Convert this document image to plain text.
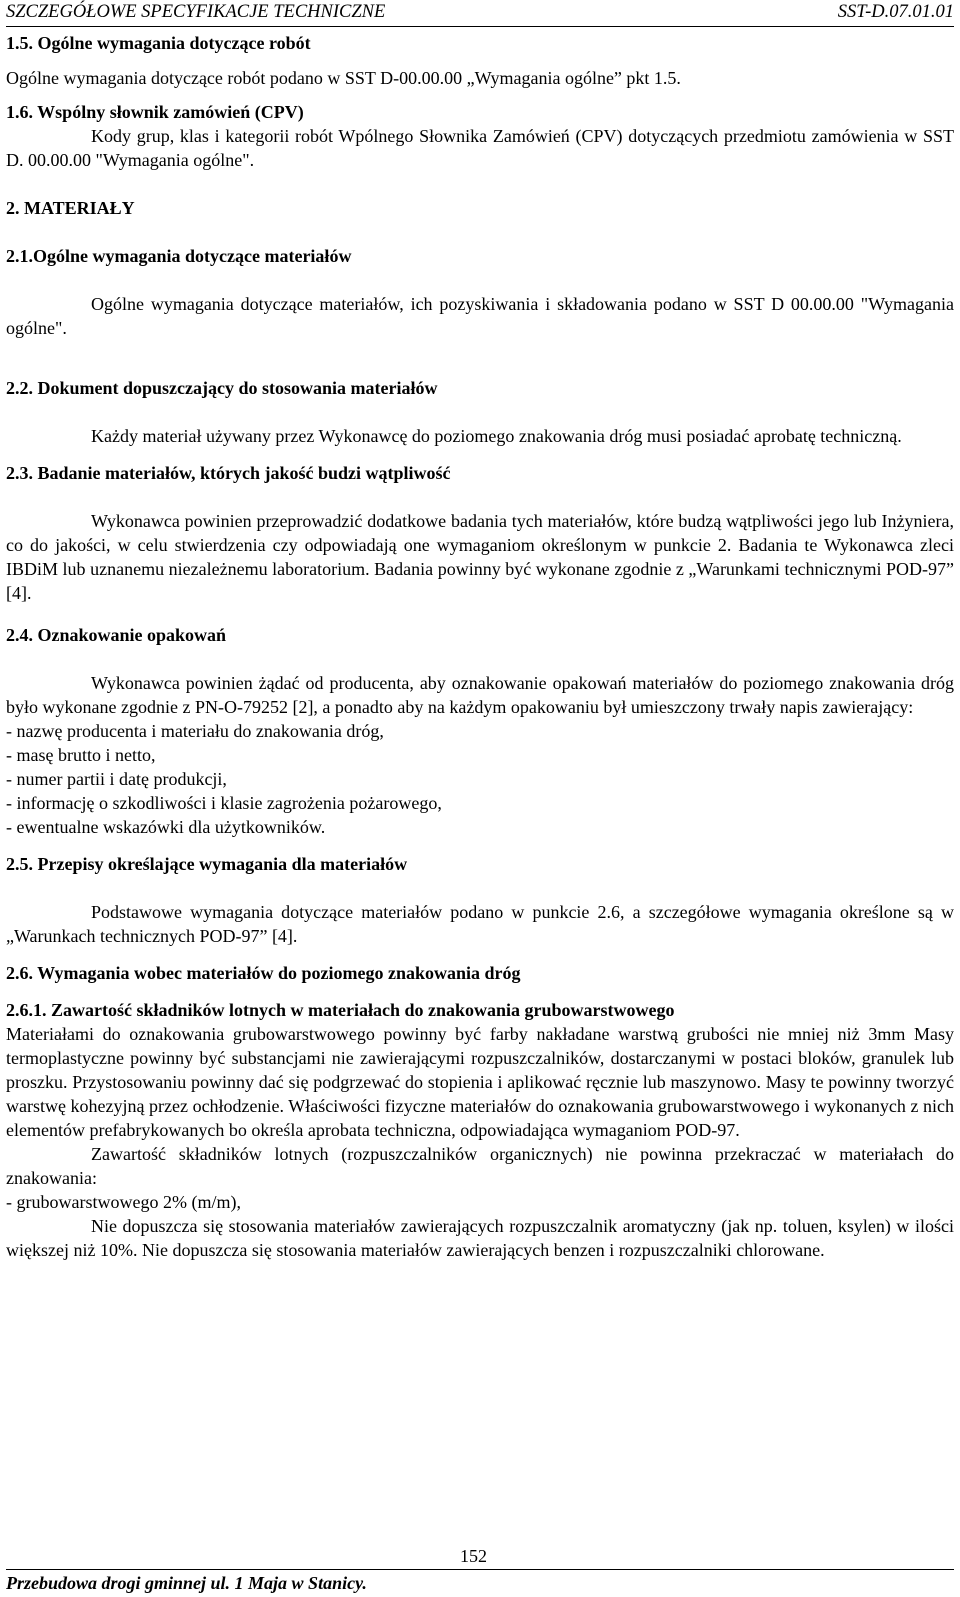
SZCZEGÓŁOWE SPECYFIKACJE TECHNICZNE	SST-D.07.01.01
1.5. Ogólne wymagania dotyczące robót

Ogólne wymagania dotyczące robót podano w SST D-00.00.00 „Wymagania ogólne” pkt 1.5.

1.6. Wspólny słownik zamówień (CPV)

Kody grup, klas i kategorii robót Wpólnego Słownika Zamówień (CPV) dotyczących przedmiotu zamówienia w SST D. 00.00.00 "Wymagania ogólne".

2. MATERIAŁY
2.1.Ogólne wymagania dotyczące materiałów

Ogólne wymagania dotyczące materiałów, ich pozyskiwania i składowania podano w SST D 00.00.00 "Wymagania ogólne".

2.2. Dokument dopuszczający do stosowania materiałów

Każdy materiał używany przez Wykonawcę do poziomego znakowania dróg musi posiadać aprobatę techniczną.

2.3. Badanie materiałów, których jakość budzi wątpliwość

Wykonawca powinien przeprowadzić dodatkowe badania tych materiałów, które budzą wątpliwości jego lub Inżyniera, co do jakości, w celu stwierdzenia czy odpowiadają one wymaganiom określonym w punkcie 2. Badania te Wykonawca zleci IBDiM lub uznanemu niezależnemu laboratorium. Badania powinny być wykonane zgodnie z „Warunkami technicznymi POD-97” [4].

2.4. Oznakowanie opakowań

Wykonawca powinien żądać od producenta, aby oznakowanie opakowań materiałów do poziomego znakowania dróg było wykonane zgodnie z PN-O-79252 [2], a ponadto aby na każdym opakowaniu był umieszczony trwały napis zawierający:

- nazwę producenta i materiału do znakowania dróg,
- masę brutto i netto,
- numer partii i datę produkcji,
- informację o szkodliwości i klasie zagrożenia pożarowego,
- ewentualne wskazówki dla użytkowników.
2.5. Przepisy określające wymagania dla materiałów

Podstawowe wymagania dotyczące materiałów podano w punkcie 2.6, a szczegółowe wymagania określone są w „Warunkach technicznych POD-97” [4].

2.6. Wymagania wobec materiałów do poziomego znakowania dróg
2.6.1. Zawartość składników lotnych w materiałach do znakowania grubowarstwowego

Materiałami do oznakowania grubowarstwowego powinny być farby nakładane warstwą grubości nie mniej niż 3mm Masy termoplastyczne powinny być substancjami nie zawierającymi rozpuszczalników, dostarczanymi w postaci bloków, granulek lub proszku. Przystosowaniu powinny dać się podgrzewać do stopienia i aplikować ręcznie lub maszynowo. Masy te powinny tworzyć warstwę kohezyjną przez ochłodzenie. Właściwości fizyczne materiałów do oznakowania grubowarstwowego i wykonanych z nich elementów prefabrykowanych bo określa aprobata techniczna, odpowiadająca wymaganiom POD-97.

Zawartość składników lotnych (rozpuszczalników organicznych) nie powinna przekraczać w materiałach do znakowania:

- grubowarstwowego 2% (m/m),

Nie dopuszcza się stosowania materiałów zawierających rozpuszczalnik aromatyczny (jak np. toluen, ksylen) w ilości większej niż 10%. Nie dopuszcza się stosowania materiałów zawierających benzen i rozpuszczalniki chlorowane.

152
Przebudowa drogi gminnej ul. 1 Maja w Stanicy.
